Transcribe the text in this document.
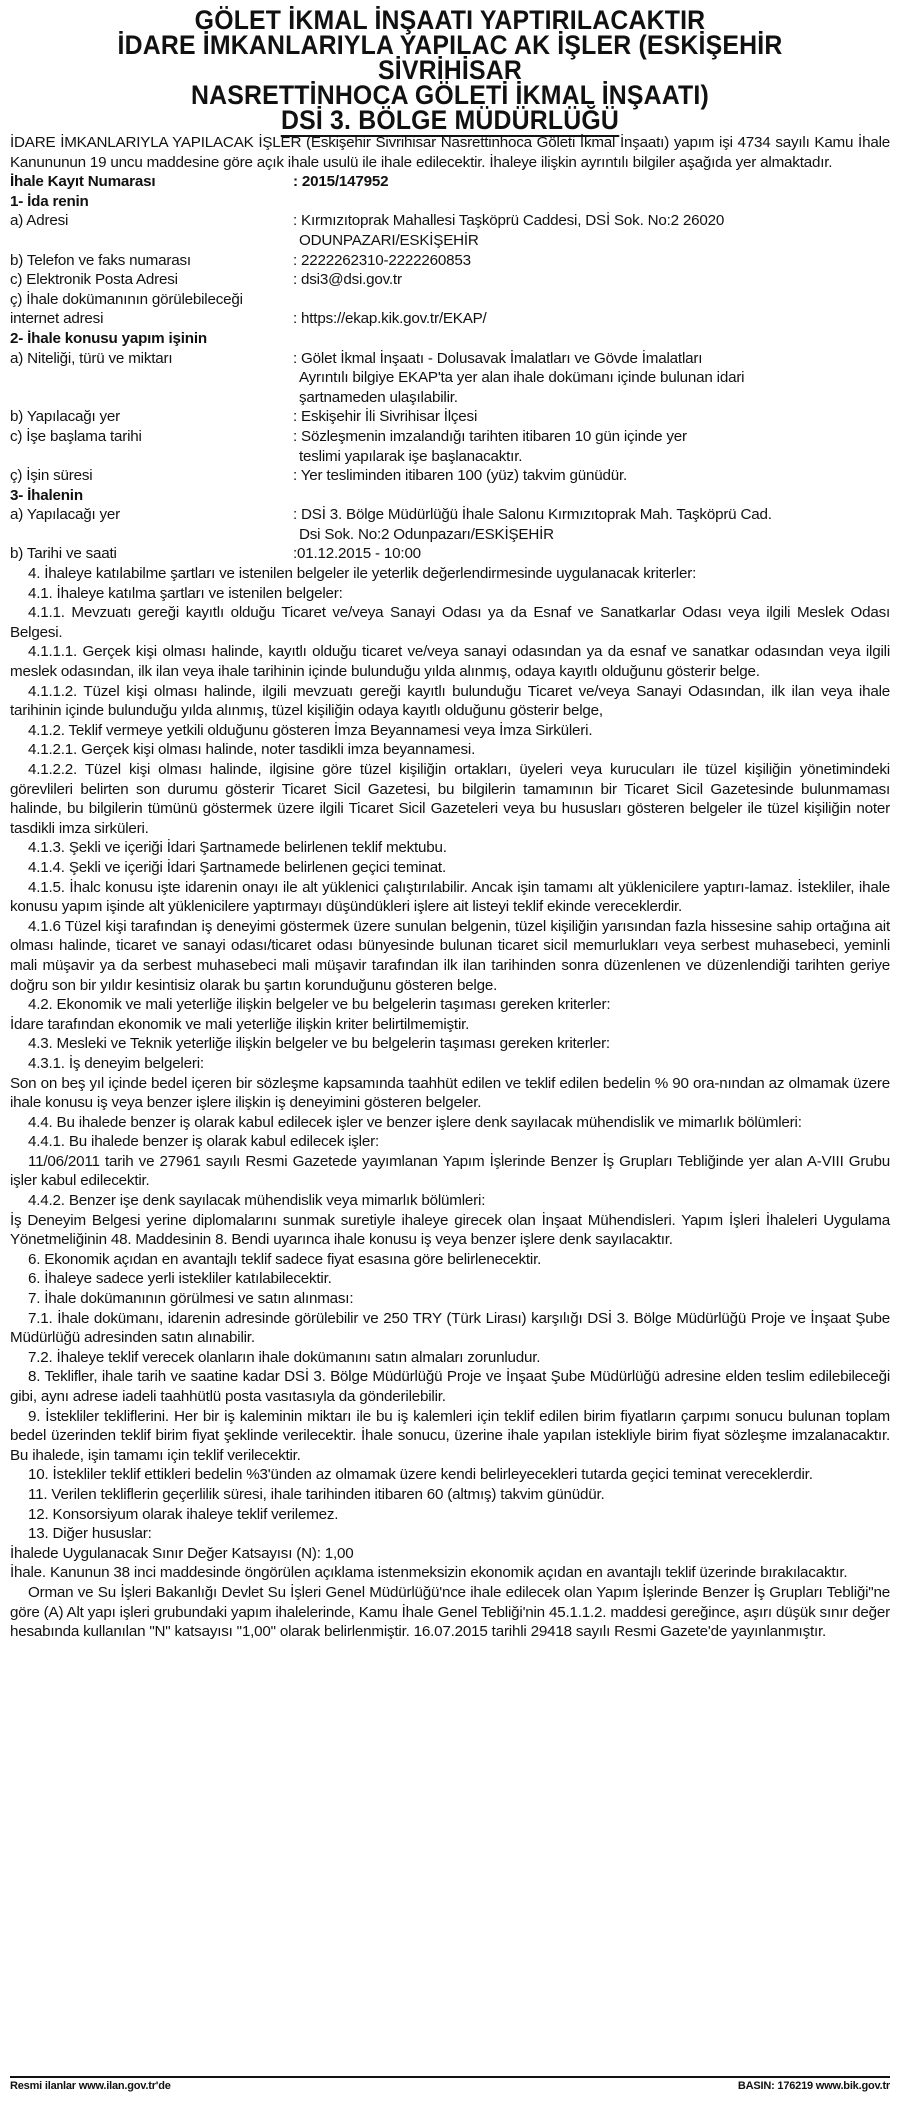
GÖLET İKMAL İNŞAATI YAPTIRILACAKTIR
İDARE İMKANLARIYLA YAPILAC AK İŞLER (ESKİŞEHİR SİVRİHİSAR
NASRETTİNHOCA GÖLETİ İKMAL İNŞAATI)
DSİ 3. BÖLGE MÜDÜRLÜĞÜ

İDARE İMKANLARIYLA YAPILACAK İŞLER (Eskişehir Sivrihisar Nasrettinhoca Göleti İkmal İnşaatı) yapım işi 4734 sayılı Kamu İhale Kanununun 19 uncu maddesine göre açık ihale usulü ile ihale edilecektir. İhaleye ilişkin ayrıntılı bilgiler aşağıda yer almaktadır.

İhale Kayıt Numarası	: 2015/147952
1- İda renin
a) Adresi	: Kırmızıtoprak Mahallesi Taşköprü Caddesi, DSİ Sok. No:2 26020
ODUNPAZARI/ESKİŞEHİR
b) Telefon ve faks numarası	: 2222262310-2222260853
c) Elektronik Posta Adresi	: dsi3@dsi.gov.tr
ç) İhale dokümanının görülebileceği
internet adresi	: https://ekap.kik.gov.tr/EKAP/
2- İhale konusu yapım işinin
a) Niteliği, türü ve miktarı	: Gölet İkmal İnşaatı - Dolusavak İmalatları ve Gövde İmalatları
Ayrıntılı bilgiye EKAP'ta yer alan ihale dokümanı içinde bulunan idari
şartnameden ulaşılabilir.
b) Yapılacağı yer	: Eskişehir İli Sivrihisar İlçesi
c) İşe başlama tarihi	: Sözleşmenin imzalandığı tarihten itibaren 10 gün içinde yer
teslimi yapılarak işe başlanacaktır.
ç) İşin süresi	: Yer tesliminden itibaren 100 (yüz) takvim günüdür.
3- İhalenin
a) Yapılacağı yer	: DSİ 3. Bölge Müdürlüğü İhale Salonu Kırmızıtoprak Mah. Taşköprü Cad.
Dsi Sok. No:2 Odunpazarı/ESKİŞEHİR
b) Tarihi ve saati	:01.12.2015 - 10:00

4. İhaleye katılabilme şartları ve istenilen belgeler ile yeterlik değerlendirmesinde uygulanacak kriterler:

4.1. İhaleye katılma şartları ve istenilen belgeler:

4.1.1. Mevzuatı gereği kayıtlı olduğu Ticaret ve/veya Sanayi Odası ya da Esnaf ve Sanatkarlar Odası veya ilgili Meslek Odası Belgesi.

4.1.1.1. Gerçek kişi olması halinde, kayıtlı olduğu ticaret ve/veya sanayi odasından ya da esnaf ve sanatkar odasından veya ilgili meslek odasından, ilk ilan veya ihale tarihinin içinde bulunduğu yılda alınmış, odaya kayıtlı olduğunu gösterir belge.

4.1.1.2. Tüzel kişi olması halinde, ilgili mevzuatı gereği kayıtlı bulunduğu Ticaret ve/veya Sanayi Odasından, ilk ilan veya ihale tarihinin içinde bulunduğu yılda alınmış, tüzel kişiliğin odaya kayıtlı olduğunu gösterir belge,

4.1.2. Teklif vermeye yetkili olduğunu gösteren İmza Beyannamesi veya İmza Sirküleri.

4.1.2.1. Gerçek kişi olması halinde, noter tasdikli imza beyannamesi.

4.1.2.2. Tüzel kişi olması halinde, ilgisine göre tüzel kişiliğin ortakları, üyeleri veya kurucuları ile tüzel kişiliğin yönetimindeki görevlileri belirten son durumu gösterir Ticaret Sicil Gazetesi, bu bilgilerin tamamının bir Ticaret Sicil Gazetesinde bulunmaması halinde, bu bilgilerin tümünü göstermek üzere ilgili Ticaret Sicil Gazeteleri veya bu hususları gösteren belgeler ile tüzel kişiliğin noter tasdikli imza sirküleri.

4.1.3. Şekli ve içeriği İdari Şartnamede belirlenen teklif mektubu.

4.1.4. Şekli ve içeriği İdari Şartnamede belirlenen geçici teminat.

4.1.5. İhalc konusu işte idarenin onayı ile alt yüklenici çalıştırılabilir. Ancak işin tamamı alt yüklenicilere yaptırı-lamaz. İstekliler, ihale konusu yapım işinde alt yüklenicilere yaptırmayı düşündükleri işlere ait listeyi teklif ekinde vereceklerdir.

4.1.6 Tüzel kişi tarafından iş deneyimi göstermek üzere sunulan belgenin, tüzel kişiliğin yarısından fazla hissesine sahip ortağına ait olması halinde, ticaret ve sanayi odası/ticaret odası bünyesinde bulunan ticaret sicil memurlukları veya serbest muhasebeci, yeminli mali müşavir ya da serbest muhasebeci mali müşavir tarafından ilk ilan tarihinden sonra düzenlenen ve düzenlendiği tarihten geriye doğru son bir yıldır kesintisiz olarak bu şartın korunduğunu gösteren belge.

4.2. Ekonomik ve mali yeterliğe ilişkin belgeler ve bu belgelerin taşıması gereken kriterler:

İdare tarafından ekonomik ve mali yeterliğe ilişkin kriter belirtilmemiştir.

4.3. Mesleki ve Teknik yeterliğe ilişkin belgeler ve bu belgelerin taşıması gereken kriterler:

4.3.1. İş deneyim belgeleri:

Son on beş yıl içinde bedel içeren bir sözleşme kapsamında taahhüt edilen ve teklif edilen bedelin % 90 ora-nından az olmamak üzere ihale konusu iş veya benzer işlere ilişkin iş deneyimini gösteren belgeler.

4.4. Bu ihalede benzer iş olarak kabul edilecek işler ve benzer işlere denk sayılacak mühendislik ve mimarlık bölümleri:

4.4.1. Bu ihalede benzer iş olarak kabul edilecek işler:

11/06/2011 tarih ve 27961 sayılı Resmi Gazetede yayımlanan Yapım İşlerinde Benzer İş Grupları Tebliğinde yer alan A-VIII Grubu işler kabul edilecektir.

4.4.2. Benzer işe denk sayılacak mühendislik veya mimarlık bölümleri:

İş Deneyim Belgesi yerine diplomalarını sunmak suretiyle ihaleye girecek olan İnşaat Mühendisleri. Yapım İşleri İhaleleri Uygulama Yönetmeliğinin 48. Maddesinin 8. Bendi uyarınca ihale konusu iş veya benzer işlere denk sayılacaktır.

6. Ekonomik açıdan en avantajlı teklif sadece fiyat esasına göre belirlenecektir.

6. İhaleye sadece yerli istekliler katılabilecektir.

7. İhale dokümanının görülmesi ve satın alınması:

7.1. İhale dokümanı, idarenin adresinde görülebilir ve 250 TRY (Türk Lirası) karşılığı DSİ 3. Bölge Müdürlüğü Proje ve İnşaat Şube Müdürlüğü adresinden satın alınabilir.

7.2. İhaleye teklif verecek olanların ihale dokümanını satın almaları zorunludur.

8. Teklifler, ihale tarih ve saatine kadar DSİ 3. Bölge Müdürlüğü Proje ve İnşaat Şube Müdürlüğü adresine elden teslim edilebileceği gibi, aynı adrese iadeli taahhütlü posta vasıtasıyla da gönderilebilir.

9. İstekliler tekliflerini. Her bir iş kaleminin miktarı ile bu iş kalemleri için teklif edilen birim fiyatların çarpımı sonucu bulunan toplam bedel üzerinden teklif birim fiyat şeklinde verilecektir. İhale sonucu, üzerine ihale yapılan istekliyle birim fiyat sözleşme imzalanacaktır. Bu ihalede, işin tamamı için teklif verilecektir.

10. İstekliler teklif ettikleri bedelin %3'ünden az olmamak üzere kendi belirleyecekleri tutarda geçici teminat vereceklerdir.

11. Verilen tekliflerin geçerlilik süresi, ihale tarihinden itibaren 60 (altmış) takvim günüdür.

12. Konsorsiyum olarak ihaleye teklif verilemez.

13. Diğer hususlar:

İhalede Uygulanacak Sınır Değer Katsayısı (N): 1,00

İhale. Kanunun 38 inci maddesinde öngörülen açıklama istenmeksizin ekonomik açıdan en avantajlı teklif üzerinde bırakılacaktır.

Orman ve Su İşleri Bakanlığı Devlet Su İşleri Genel Müdürlüğü'nce ihale edilecek olan Yapım İşlerinde Benzer İş Grupları Tebliği"ne göre (A) Alt yapı işleri grubundaki yapım ihalelerinde, Kamu İhale Genel Tebliği'nin 45.1.1.2. maddesi gereğince, aşırı düşük sınır değer hesabında kullanılan "N" katsayısı "1,00" olarak belirlenmiştir. 16.07.2015 tarihli 29418 sayılı Resmi Gazete'de yayınlanmıştır.

Resmi ilanlar www.ilan.gov.tr'de	BASIN: 176219 www.bik.gov.tr
